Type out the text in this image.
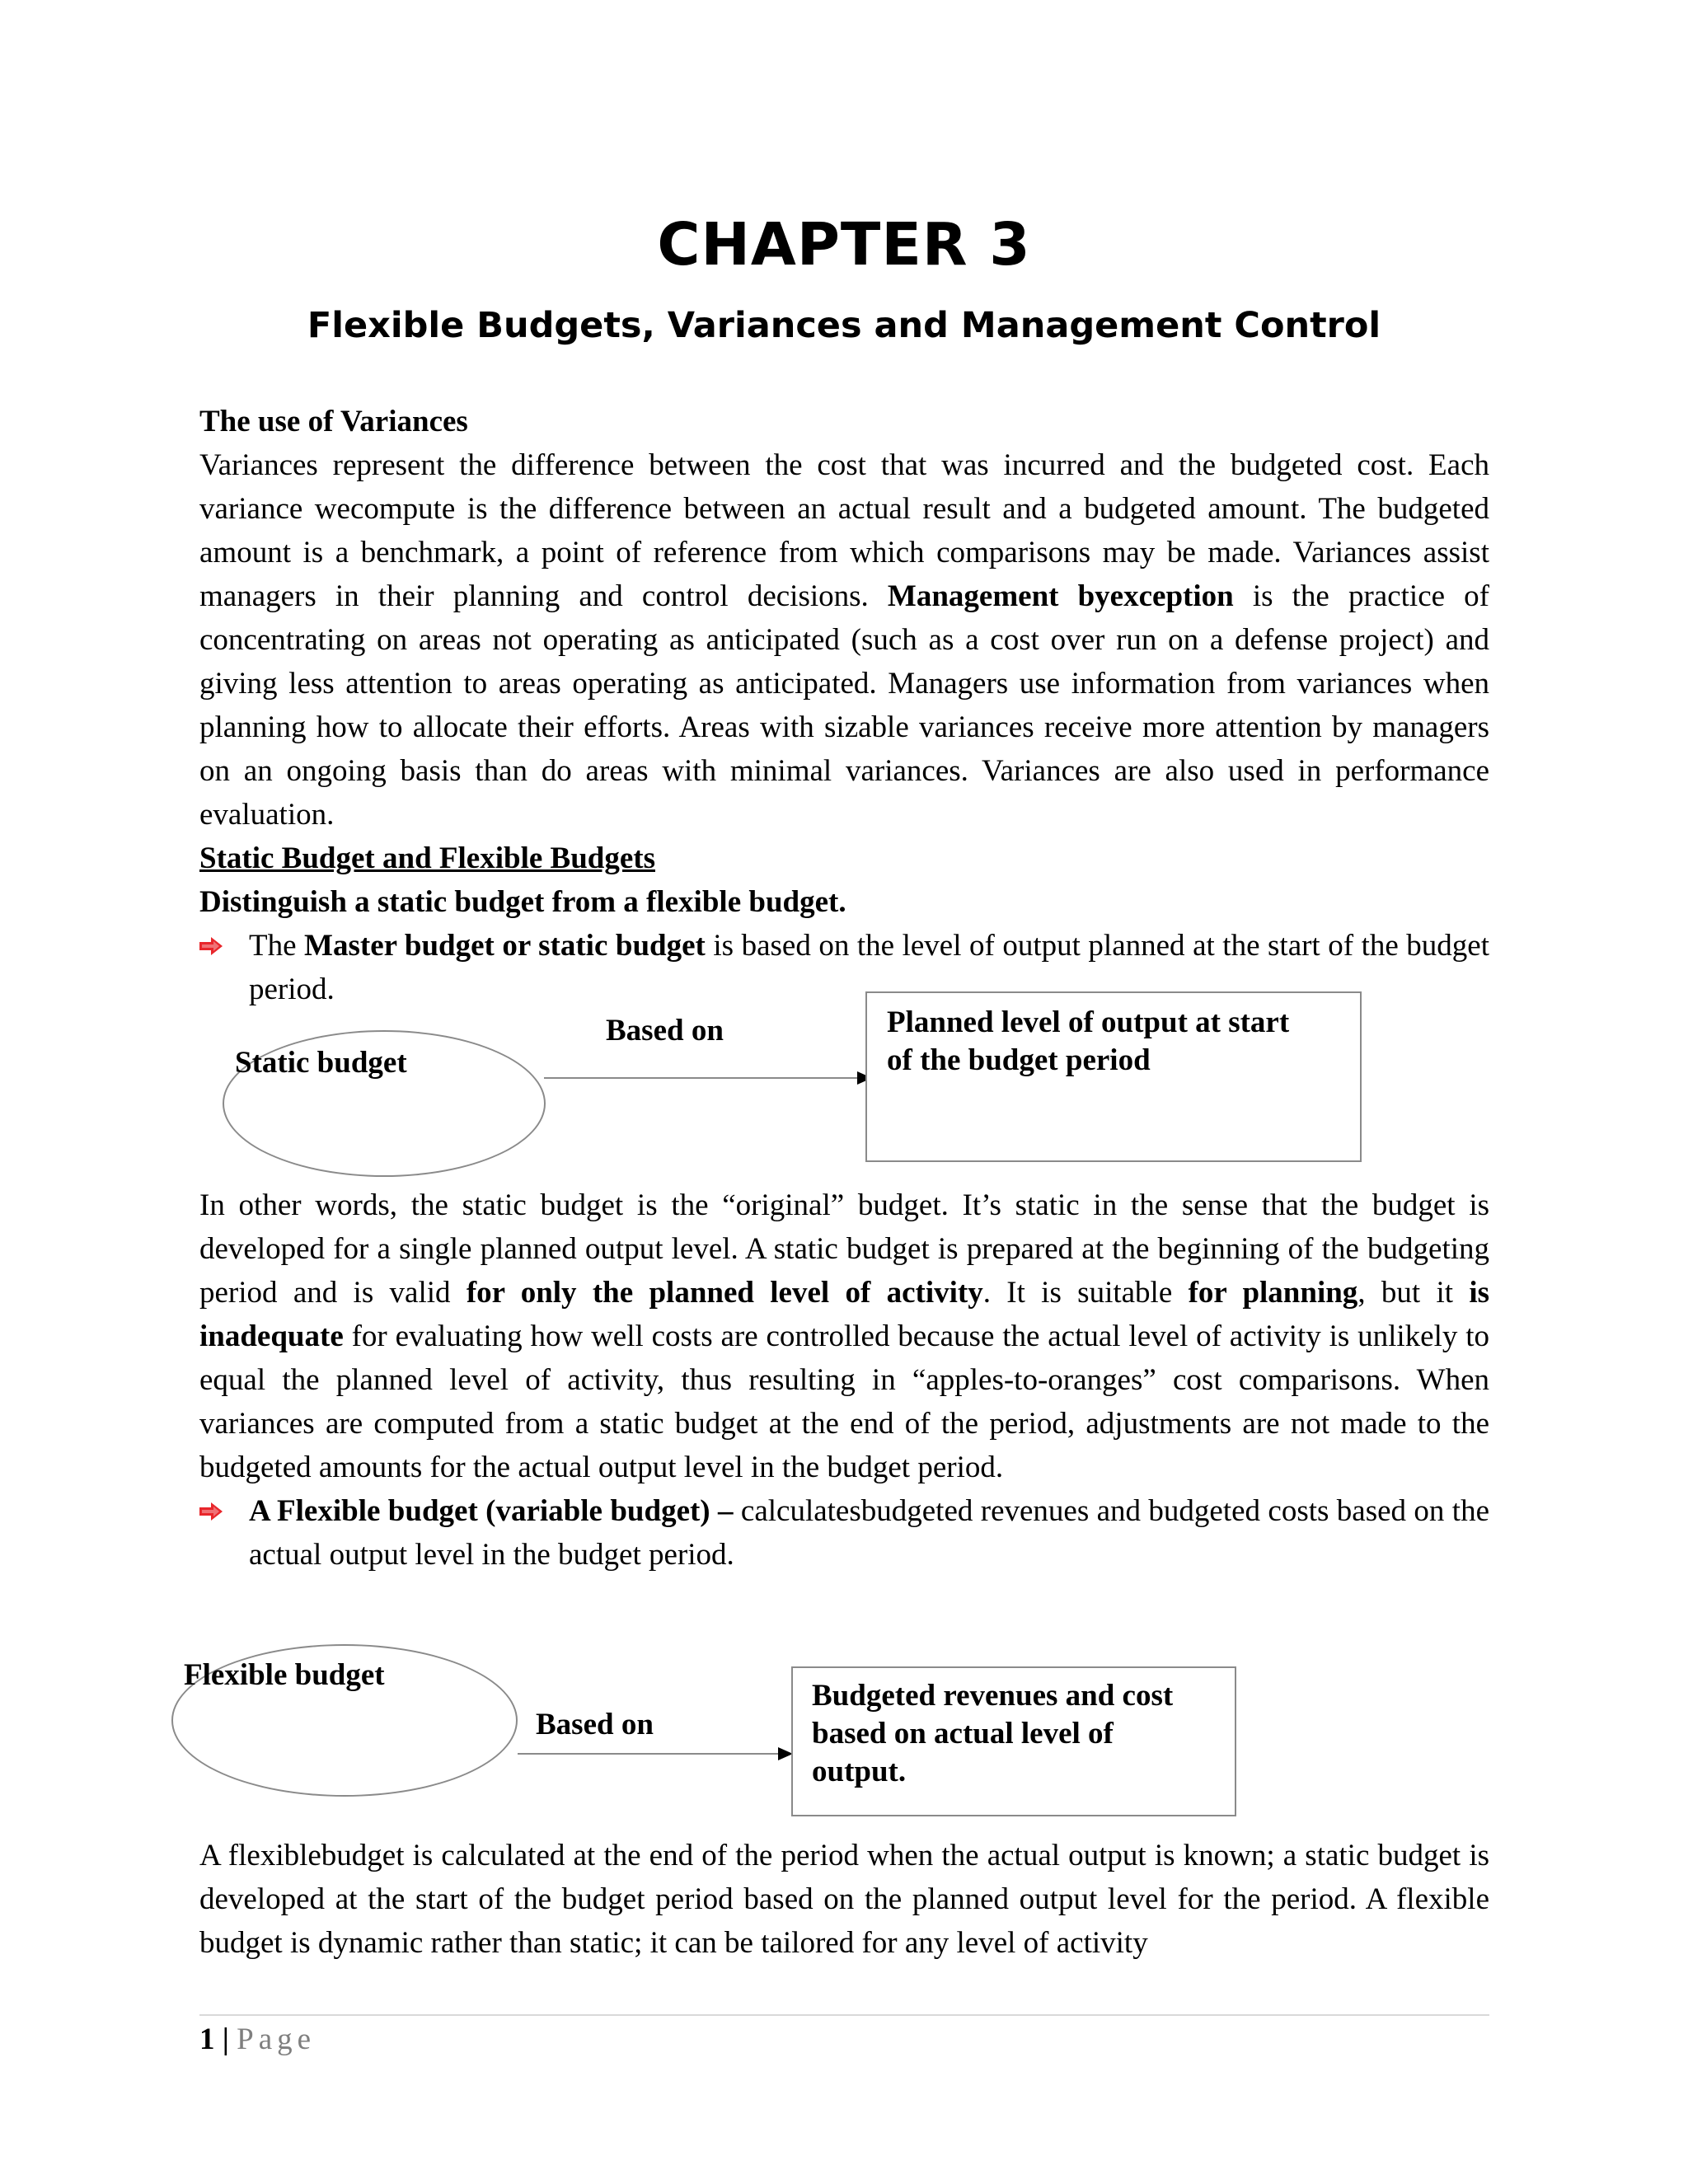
CHAPTER 3
Flexible Budgets, Variances and Management Control

The use of Variances

Variances represent the difference between the cost that was incurred and the budgeted cost. Each variance wecompute is the difference between an actual result and a budgeted amount. The budgeted amount is a benchmark, a point of reference from which comparisons may be made. Variances assist managers in their planning and control decisions. Management byexception is the practice of concentrating on areas not operating as anticipated (such as a cost over run on a defense project) and giving less attention to areas operating as anticipated. Managers use information from variances when planning how to allocate their efforts. Areas with sizable variances receive more attention by managers on an ongoing basis than do areas with minimal variances. Variances are also used in performance evaluation.

Static Budget and Flexible Budgets

Distinguish a static budget from a flexible budget.

The Master budget or static budget is based on the level of output planned at the start of the budget period.

Static budget
Based on	Planned level of output at start
of the budget period

In other words, the static budget is the “original” budget. It’s static in the sense that the budget is developed for a single planned output level. A static budget is prepared at the beginning of the budgeting period and is valid for only the planned level of activity. It is suitable for planning, but it is inadequate for evaluating how well costs are controlled because the actual level of activity is unlikely to equal the planned level of activity, thus resulting in “apples-to-oranges” cost comparisons. When variances are computed from a static budget at the end of the period, adjustments are not made to the budgeted amounts for the actual output level in the budget period.

A Flexible budget (variable budget) – calculatesbudgeted revenues and budgeted costs based on the actual output level in the budget period.

Flexible budget
Based on
Budgeted revenues and cost
based on actual level of
output.

A flexiblebudget is calculated at the end of the period when the actual output is known; a static budget is developed at the start of the budget period based on the planned output level for the period. A flexible budget is dynamic rather than static; it can be tailored for any level of activity

1 | Page
